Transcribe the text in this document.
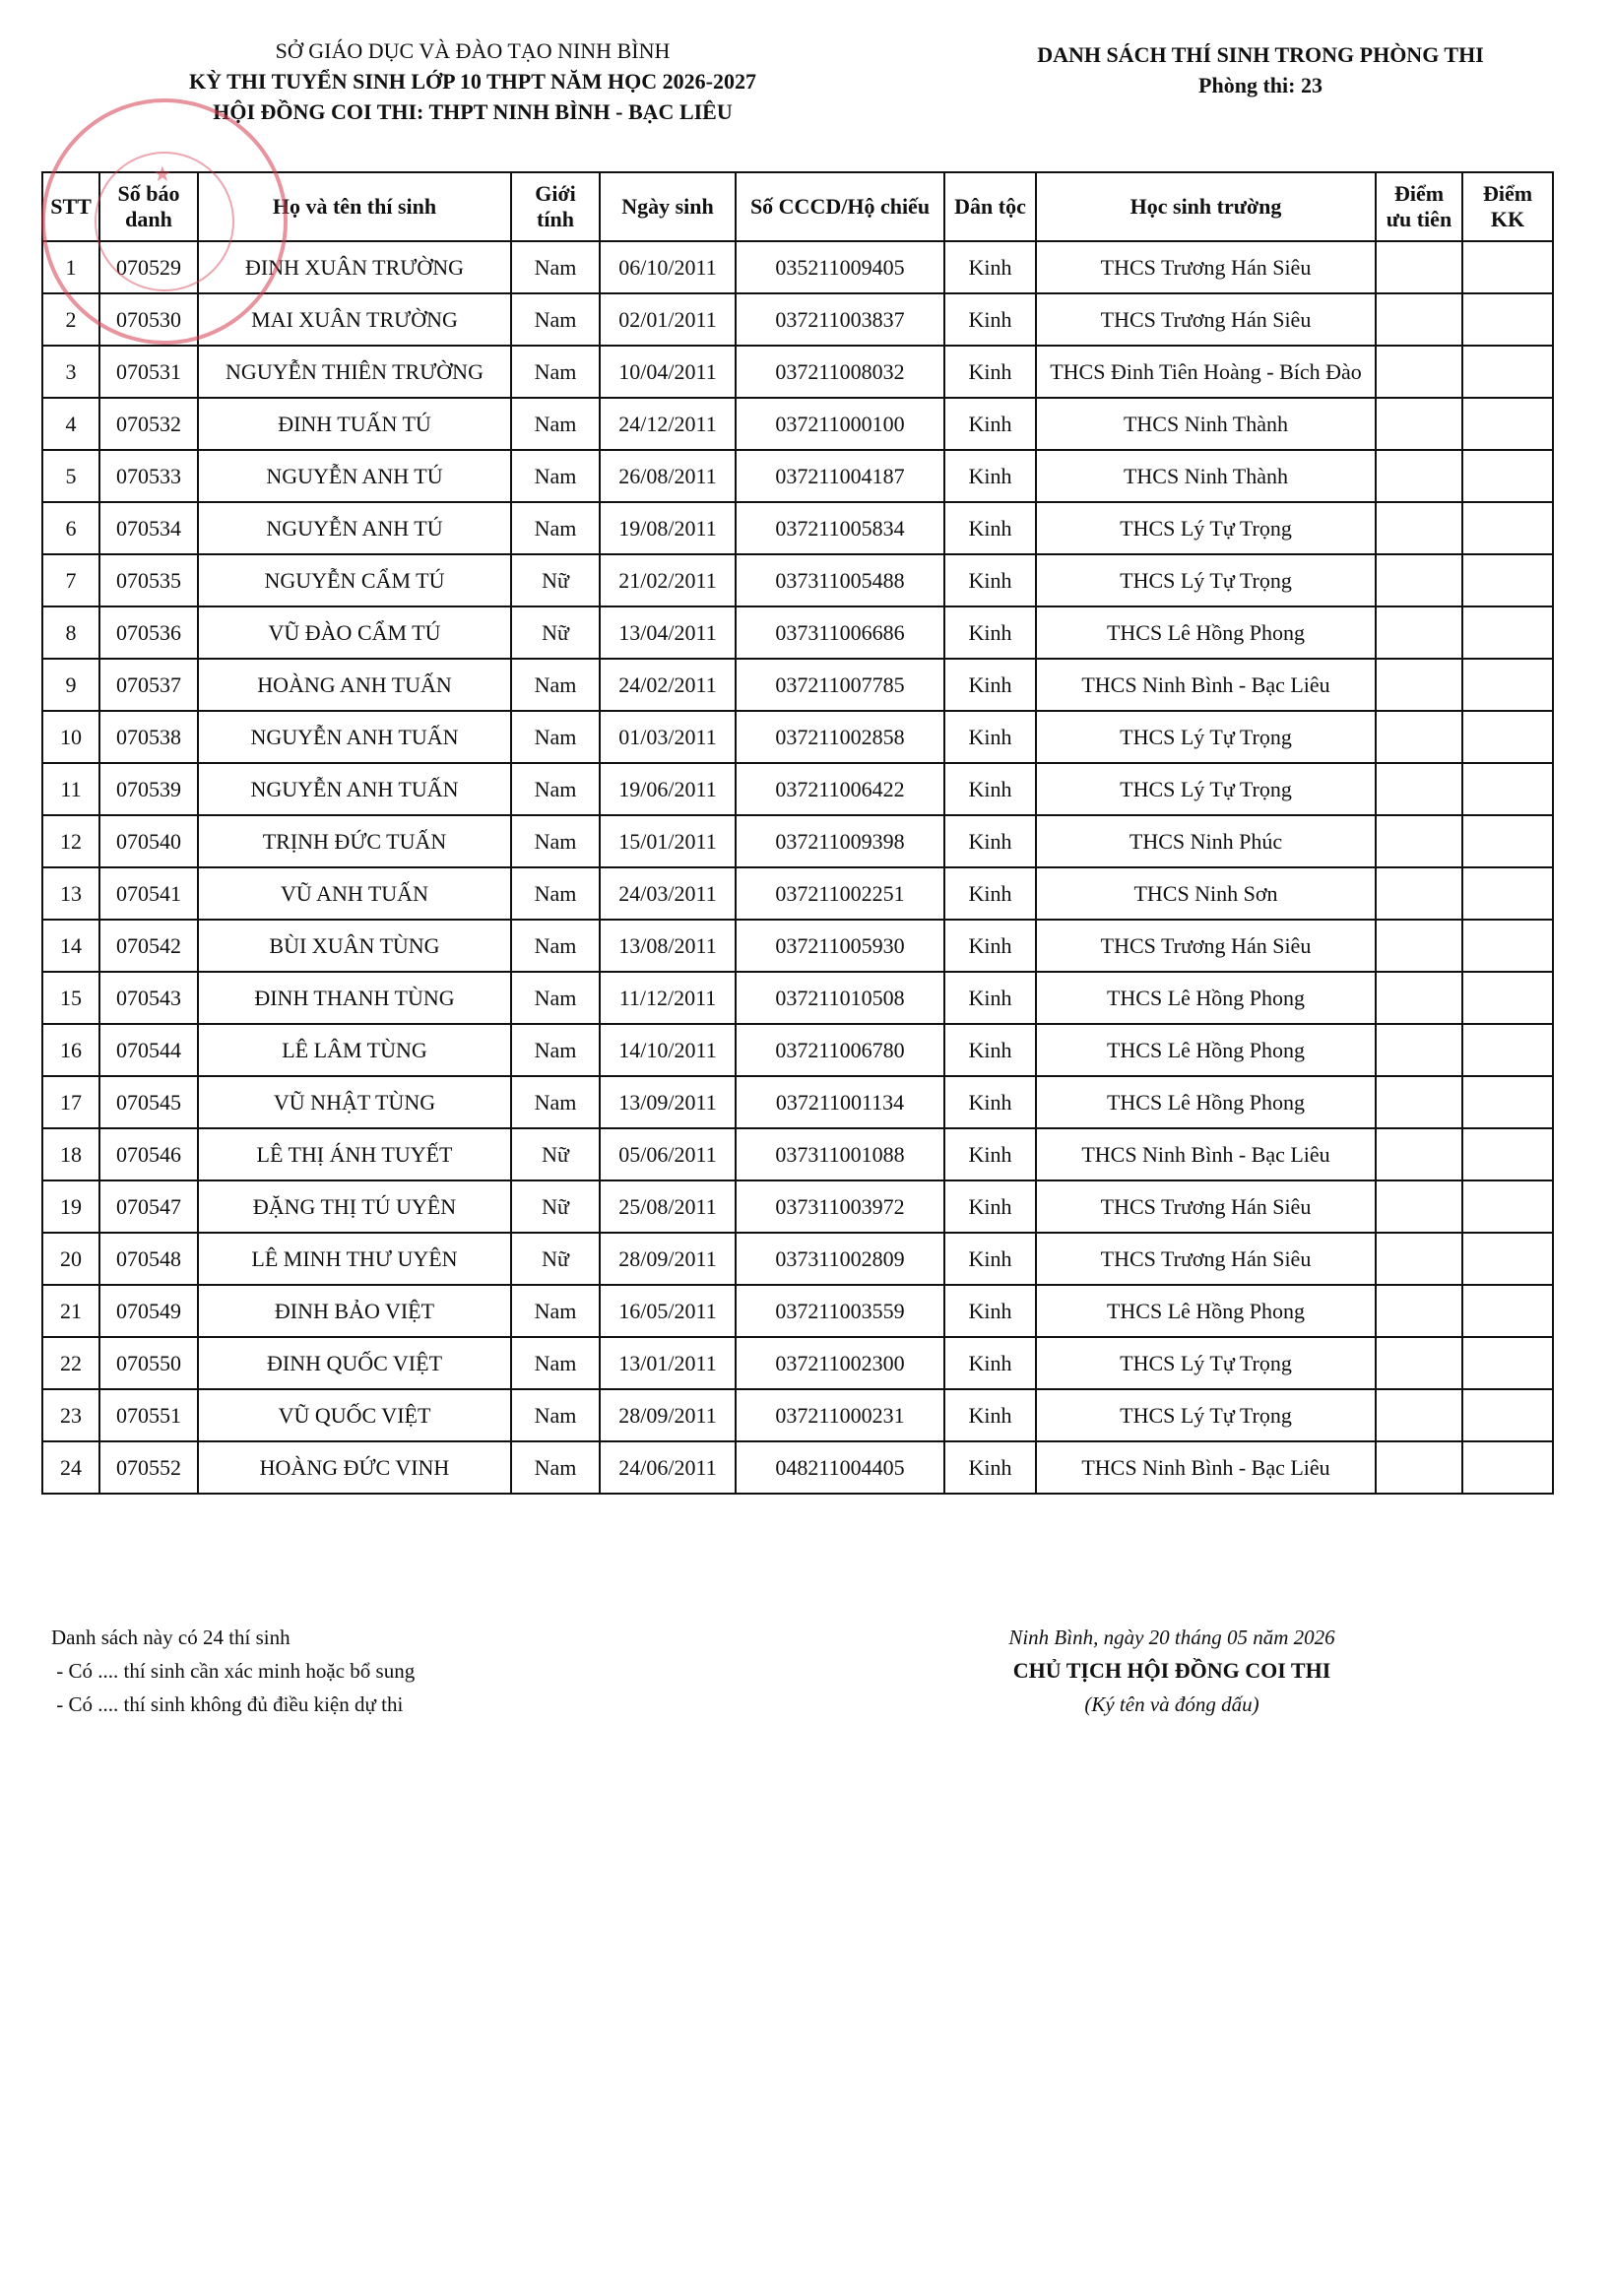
SỞ GIÁO DỤC VÀ ĐÀO TẠO NINH BÌNH
KỲ THI TUYỂN SINH LỚP 10 THPT NĂM HỌC 2026-2027
HỘI ĐỒNG COI THI: THPT NINH BÌNH - BẠC LIÊU
DANH SÁCH THÍ SINH TRONG PHÒNG THI
Phòng thi: 23
STT	Số báo danh	Họ và tên thí sinh	Giới tính	Ngày sinh	Số CCCD/Hộ chiếu	Dân tộc	Học sinh trường	Điểm ưu tiên	Điểm KK
1	070529	ĐINH XUÂN TRƯỜNG	Nam	06/10/2011	035211009405	Kinh	THCS Trương Hán Siêu		
2	070530	MAI XUÂN TRƯỜNG	Nam	02/01/2011	037211003837	Kinh	THCS Trương Hán Siêu		
3	070531	NGUYỄN THIÊN TRƯỜNG	Nam	10/04/2011	037211008032	Kinh	THCS Đinh Tiên Hoàng - Bích Đào		
4	070532	ĐINH TUẤN TÚ	Nam	24/12/2011	037211000100	Kinh	THCS Ninh Thành		
5	070533	NGUYỄN ANH TÚ	Nam	26/08/2011	037211004187	Kinh	THCS Ninh Thành		
6	070534	NGUYỄN ANH TÚ	Nam	19/08/2011	037211005834	Kinh	THCS Lý Tự Trọng		
7	070535	NGUYỄN CẨM TÚ	Nữ	21/02/2011	037311005488	Kinh	THCS Lý Tự Trọng		
8	070536	VŨ ĐÀO CẨM TÚ	Nữ	13/04/2011	037311006686	Kinh	THCS Lê Hồng Phong		
9	070537	HOÀNG ANH TUẤN	Nam	24/02/2011	037211007785	Kinh	THCS Ninh Bình - Bạc Liêu		
10	070538	NGUYỄN ANH TUẤN	Nam	01/03/2011	037211002858	Kinh	THCS Lý Tự Trọng		
11	070539	NGUYỄN ANH TUẤN	Nam	19/06/2011	037211006422	Kinh	THCS Lý Tự Trọng		
12	070540	TRỊNH ĐỨC TUẤN	Nam	15/01/2011	037211009398	Kinh	THCS Ninh Phúc		
13	070541	VŨ ANH TUẤN	Nam	24/03/2011	037211002251	Kinh	THCS Ninh Sơn		
14	070542	BÙI XUÂN TÙNG	Nam	13/08/2011	037211005930	Kinh	THCS Trương Hán Siêu		
15	070543	ĐINH THANH TÙNG	Nam	11/12/2011	037211010508	Kinh	THCS Lê Hồng Phong		
16	070544	LÊ LÂM TÙNG	Nam	14/10/2011	037211006780	Kinh	THCS Lê Hồng Phong		
17	070545	VŨ NHẬT TÙNG	Nam	13/09/2011	037211001134	Kinh	THCS Lê Hồng Phong		
18	070546	LÊ THỊ ÁNH TUYẾT	Nữ	05/06/2011	037311001088	Kinh	THCS Ninh Bình - Bạc Liêu		
19	070547	ĐẶNG THỊ TÚ UYÊN	Nữ	25/08/2011	037311003972	Kinh	THCS Trương Hán Siêu		
20	070548	LÊ MINH THƯ UYÊN	Nữ	28/09/2011	037311002809	Kinh	THCS Trương Hán Siêu		
21	070549	ĐINH BẢO VIỆT	Nam	16/05/2011	037211003559	Kinh	THCS Lê Hồng Phong		
22	070550	ĐINH QUỐC VIỆT	Nam	13/01/2011	037211002300	Kinh	THCS Lý Tự Trọng		
23	070551	VŨ QUỐC VIỆT	Nam	28/09/2011	037211000231	Kinh	THCS Lý Tự Trọng		
24	070552	HOÀNG ĐỨC VINH	Nam	24/06/2011	048211004405	Kinh	THCS Ninh Bình - Bạc Liêu		
★
Danh sách này có 24 thí sinh
- Có .... thí sinh cần xác minh hoặc bổ sung
- Có .... thí sinh không đủ điều kiện dự thi
Ninh Bình, ngày 20 tháng 05 năm 2026
CHỦ TỊCH HỘI ĐỒNG COI THI
(Ký tên và đóng dấu)
